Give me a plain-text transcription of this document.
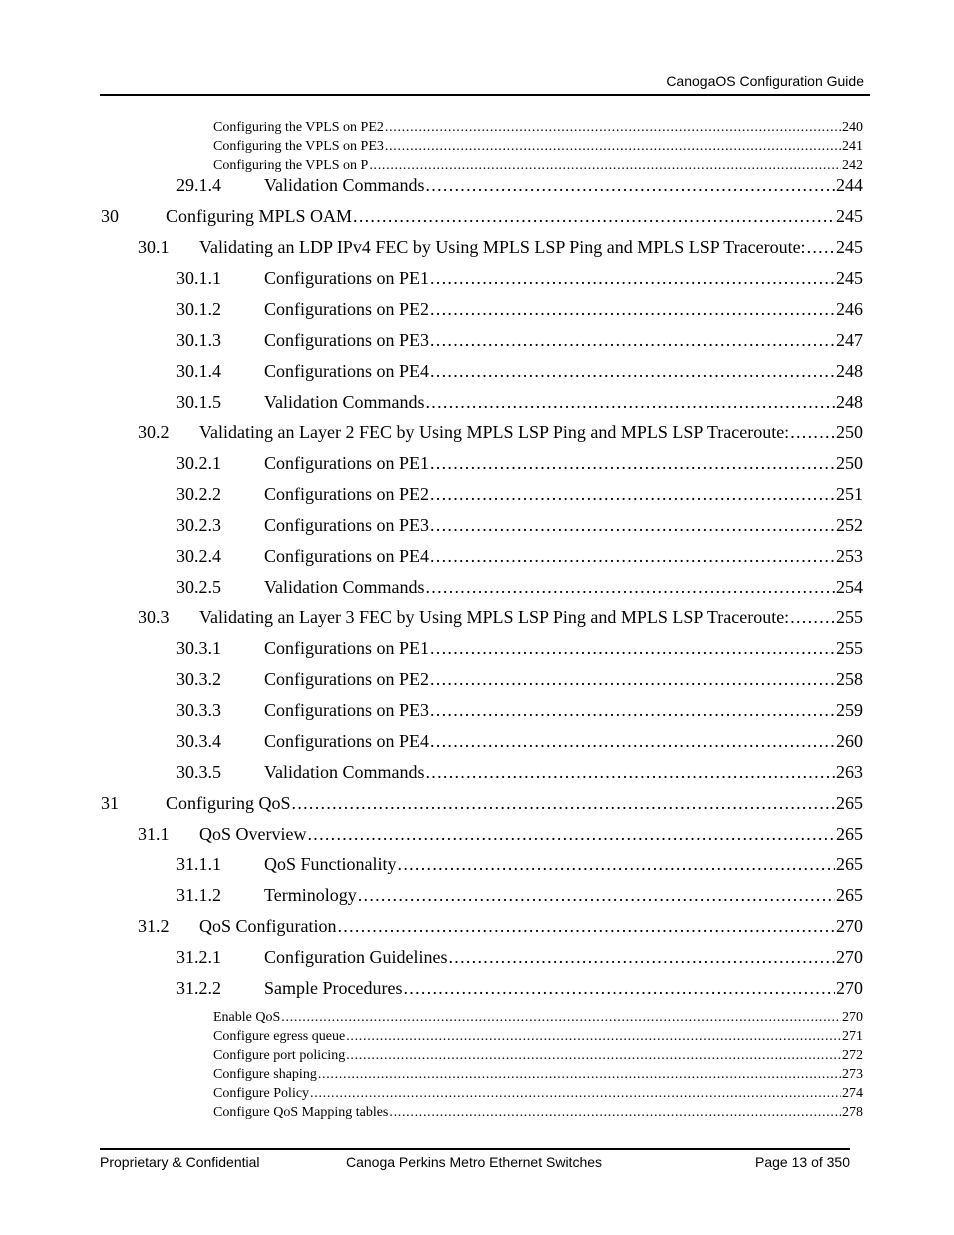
CanogaOS Configuration Guide
Configuring the VPLS on PE2 . . .	240
Configuring the VPLS on PE3 . . .	241
Configuring the VPLS on P . . .	242
29.1.4	Validation Commands . . .	244
30	Configuring MPLS OAM . . .	245
30.1	Validating an LDP IPv4 FEC by Using MPLS LSP Ping and MPLS LSP Traceroute: . . . 245
30.1.1	Configurations on PE1 . . .	245
30.1.2	Configurations on PE2 . . .	246
30.1.3	Configurations on PE3 . . .	247
30.1.4	Configurations on PE4 . . .	248
30.1.5	Validation Commands . . .	248
30.2	Validating an Layer 2 FEC by Using MPLS LSP Ping and MPLS LSP Traceroute: . . .	250
30.2.1	Configurations on PE1 . . .	250
30.2.2	Configurations on PE2 . . .	251
30.2.3	Configurations on PE3 . . .	252
30.2.4	Configurations on PE4 . . .	253
30.2.5	Validation Commands . . .	254
30.3	Validating an Layer 3 FEC by Using MPLS LSP Ping and MPLS LSP Traceroute: . . .	255
30.3.1	Configurations on PE1 . . .	255
30.3.2	Configurations on PE2 . . .	258
30.3.3	Configurations on PE3 . . .	259
30.3.4	Configurations on PE4 . . .	260
30.3.5	Validation Commands . . .	263
31	Configuring QoS . . .	265
31.1	QoS Overview . . .	265
31.1.1	QoS Functionality . . .	265
31.1.2	Terminology . . .	265
31.2	QoS Configuration . . .	270
31.2.1	Configuration Guidelines . . .	270
31.2.2	Sample Procedures . . .	270
Enable QoS . . .	270
Configure egress queue . . .	271
Configure port policing . . .	272
Configure shaping . . .	273
Configure Policy . . .	274
Configure QoS Mapping tables . . .	278
Proprietary & Confidential	Canoga Perkins Metro Ethernet Switches	Page 13 of 350
